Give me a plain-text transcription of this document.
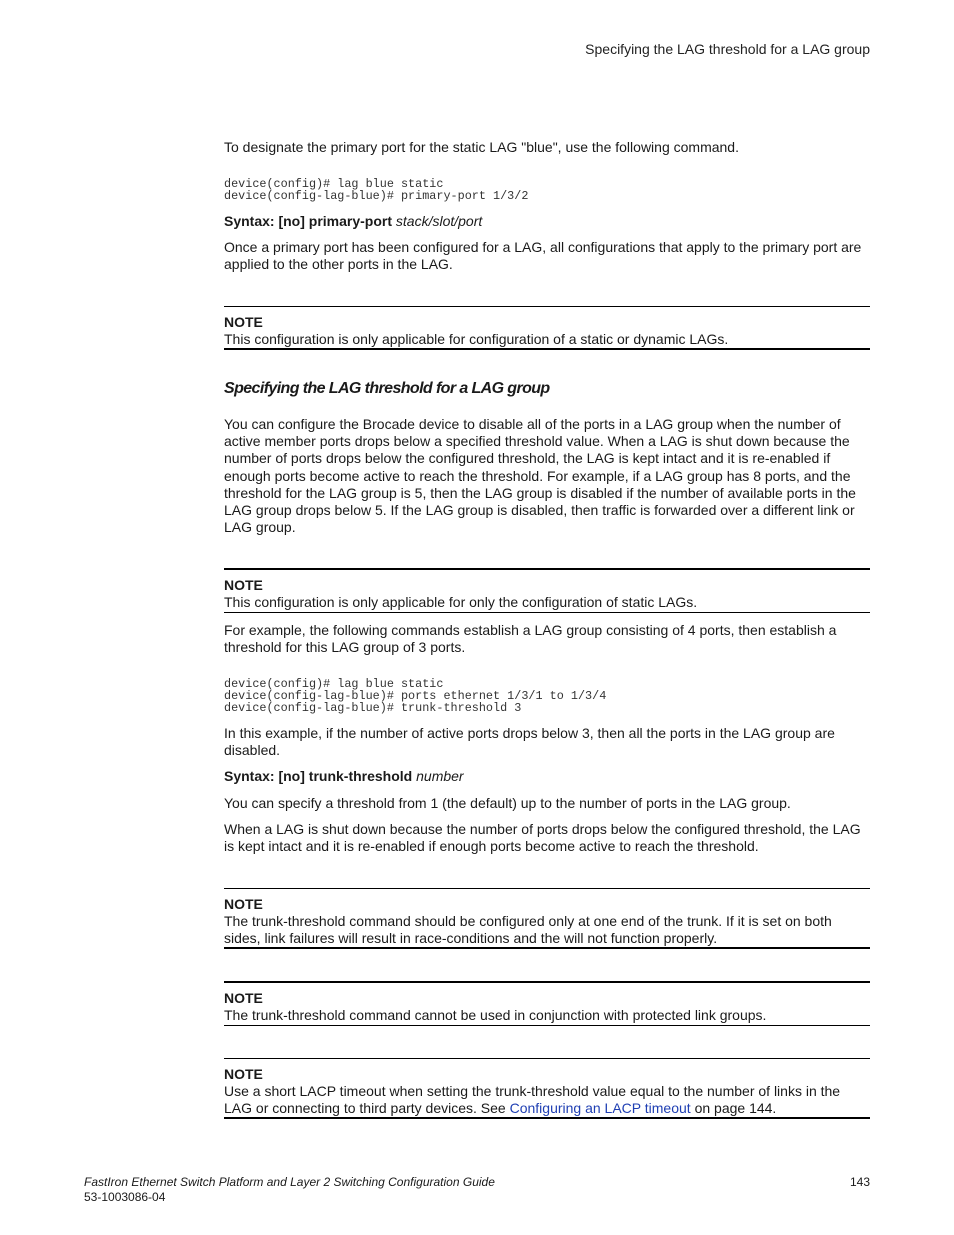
Specifying the LAG threshold for a LAG group

To designate the primary port for the static LAG "blue", use the following command.

device(config)# lag blue static
device(config-lag-blue)# primary-port 1/3/2
Syntax: [no] primary-port stack/slot/port

Once a primary port has been configured for a LAG, all configurations that apply to the primary port are applied to the other ports in the LAG.

NOTE

This configuration is only applicable for configuration of a static or dynamic LAGs.

Specifying the LAG threshold for a LAG group

You can configure the Brocade device to disable all of the ports in a LAG group when the number of active member ports drops below a specified threshold value. When a LAG is shut down because the number of ports drops below the configured threshold, the LAG is kept intact and it is re-enabled if enough ports become active to reach the threshold. For example, if a LAG group has 8 ports, and the threshold for the LAG group is 5, then the LAG group is disabled if the number of available ports in the LAG group drops below 5. If the LAG group is disabled, then traffic is forwarded over a different link or LAG group.

NOTE

This configuration is only applicable for only the configuration of static LAGs.

For example, the following commands establish a LAG group consisting of 4 ports, then establish a threshold for this LAG group of 3 ports.

device(config)# lag blue static
device(config-lag-blue)# ports ethernet 1/3/1 to 1/3/4
device(config-lag-blue)# trunk-threshold 3

In this example, if the number of active ports drops below 3, then all the ports in the LAG group are disabled.

Syntax: [no] trunk-threshold number

You can specify a threshold from 1 (the default) up to the number of ports in the LAG group.

When a LAG is shut down because the number of ports drops below the configured threshold, the LAG is kept intact and it is re-enabled if enough ports become active to reach the threshold.

NOTE

The trunk-threshold command should be configured only at one end of the trunk. If it is set on both sides, link failures will result in race-conditions and the will not function properly.

NOTE

The trunk-threshold command cannot be used in conjunction with protected link groups.

NOTE

Use a short LACP timeout when setting the trunk-threshold value equal to the number of links in the LAG or connecting to third party devices. See Configuring an LACP timeout on page 144.

FastIron Ethernet Switch Platform and Layer 2 Switching Configuration Guide
53-1003086-04
143
